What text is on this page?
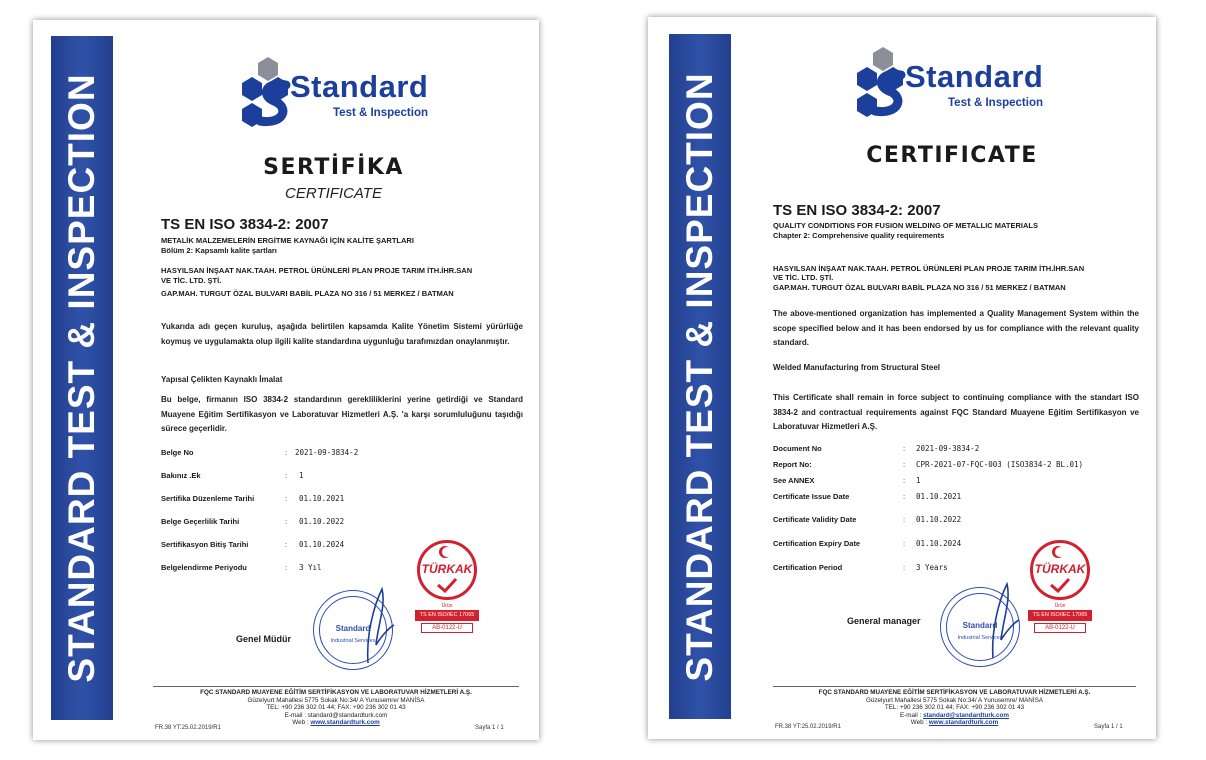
STANDARD TEST & INSPECTION	Standard
Test & Inspection
SERTİFİKA
CERTIFICATE
TS EN ISO 3834-2: 2007
METALİK MALZEMELERİN ERGİTME KAYNAĞI İÇİN KALİTE ŞARTLARI
Bölüm 2: Kapsamlı kalite şartları
HASYILSAN İNŞAAT NAK.TAAH. PETROL ÜRÜNLERİ PLAN PROJE TARIM İTH.İHR.SAN
VE TİC. LTD. ŞTİ.
GAP.MAH. TURGUT ÖZAL BULVARI BABİL PLAZA NO 316 / 51 MERKEZ / BATMAN
Yukarıda adı geçen kuruluş, aşağıda belirtilen kapsamda Kalite Yönetim Sistemi yürürlüğe koymuş ve uygulamakta olup ilgili kalite standardına uygunluğu tarafımızdan onaylanmıştır.
Yapısal Çelikten Kaynaklı İmalat
Bu belge, firmanın ISO 3834-2 standardının gerekliliklerini yerine getirdiği ve Standard Muayene Eğitim Sertifikasyon ve Laboratuvar Hizmetleri A.Ş. 'a karşı sorumluluğunu taşıdığı sürece geçerlidir.
Belge No	: 2021-09-3834-2
Bakınız .Ek	: 1
Sertifika Düzenleme Tarihi	: 01.10.2021
Belge Geçerlilik Tarihi	: 01.10.2022
Sertifikasyon Bitiş Tarihi	: 01.10.2024
Belgelendirme Periyodu	: 3 Yıl	TÜRKAK
Ürün
TS EN ISO/IEC 17065
AB-0122-U
Standard
Industrial Services
Genel Müdür
FQC STANDARD MUAYENE EĞİTİM SERTİFİKASYON VE LABORATUVAR HİZMETLERİ A.Ş.
Güzelyurt Mahallesi 5775 Sokak No:34/ A Yunusemre/ MANİSA
TEL: +90 236 302 01 44; FAX: +90 236 302 01 43
E-mail : standard@standardturk.com
Web : www.standardturk.com
FR.38 YT:25.02.2019/R1	Sayfa 1 / 1
STANDARD TEST & INSPECTION	Standard
Test & Inspection
CERTIFICATE
TS EN ISO 3834-2: 2007
QUALITY CONDITIONS FOR FUSION WELDING OF METALLIC MATERIALS
Chapter 2: Comprehensive quality requirements
HASYILSAN İNŞAAT NAK.TAAH. PETROL ÜRÜNLERİ PLAN PROJE TARIM İTH.İHR.SAN
VE TİC. LTD. ŞTİ.
GAP.MAH. TURGUT ÖZAL BULVARI BABİL PLAZA NO 316 / 51 MERKEZ / BATMAN
The above-mentioned organization has implemented a Quality Management System within the scope specified below and it has been endorsed by us for compliance with the relevant quality standard.
Welded Manufacturing from Structural Steel
This Certificate shall remain in force subject to continuing compliance with the standart ISO 3834-2 and contractual requirements against FQC Standard Muayene Eğitim Sertifikasyon ve Laboratuvar Hizmetleri A.Ş.
Document No	: 2021-09-3834-2
Report No:	: CPR-2021-07-FQC-003 (ISO3834-2 BL.01)
See ANNEX	: 1
Certificate Issue Date	: 01.10.2021
Certificate Validity Date	: 01.10.2022
Certification Expiry Date	: 01.10.2024
Certification Period	: 3 Years	TÜRKAK
Ürün
TS EN ISO/IEC 17065
AB-0122-U
Standard
Industrial Services
General manager
FQC STANDARD MUAYENE EĞİTİM SERTİFİKASYON VE LABORATUVAR HİZMETLERİ A.Ş.
Güzelyurt Mahallesi 5775 Sokak No:34/ A Yunusemre/ MANİSA
TEL: +90 236 302 01 44; FAX: +90 236 302 01 43
E-mail : standard@standardturk.com
Web : www.standardturk.com
FR.38 YT:25.02.2019/R1	Sayfa 1 / 1
